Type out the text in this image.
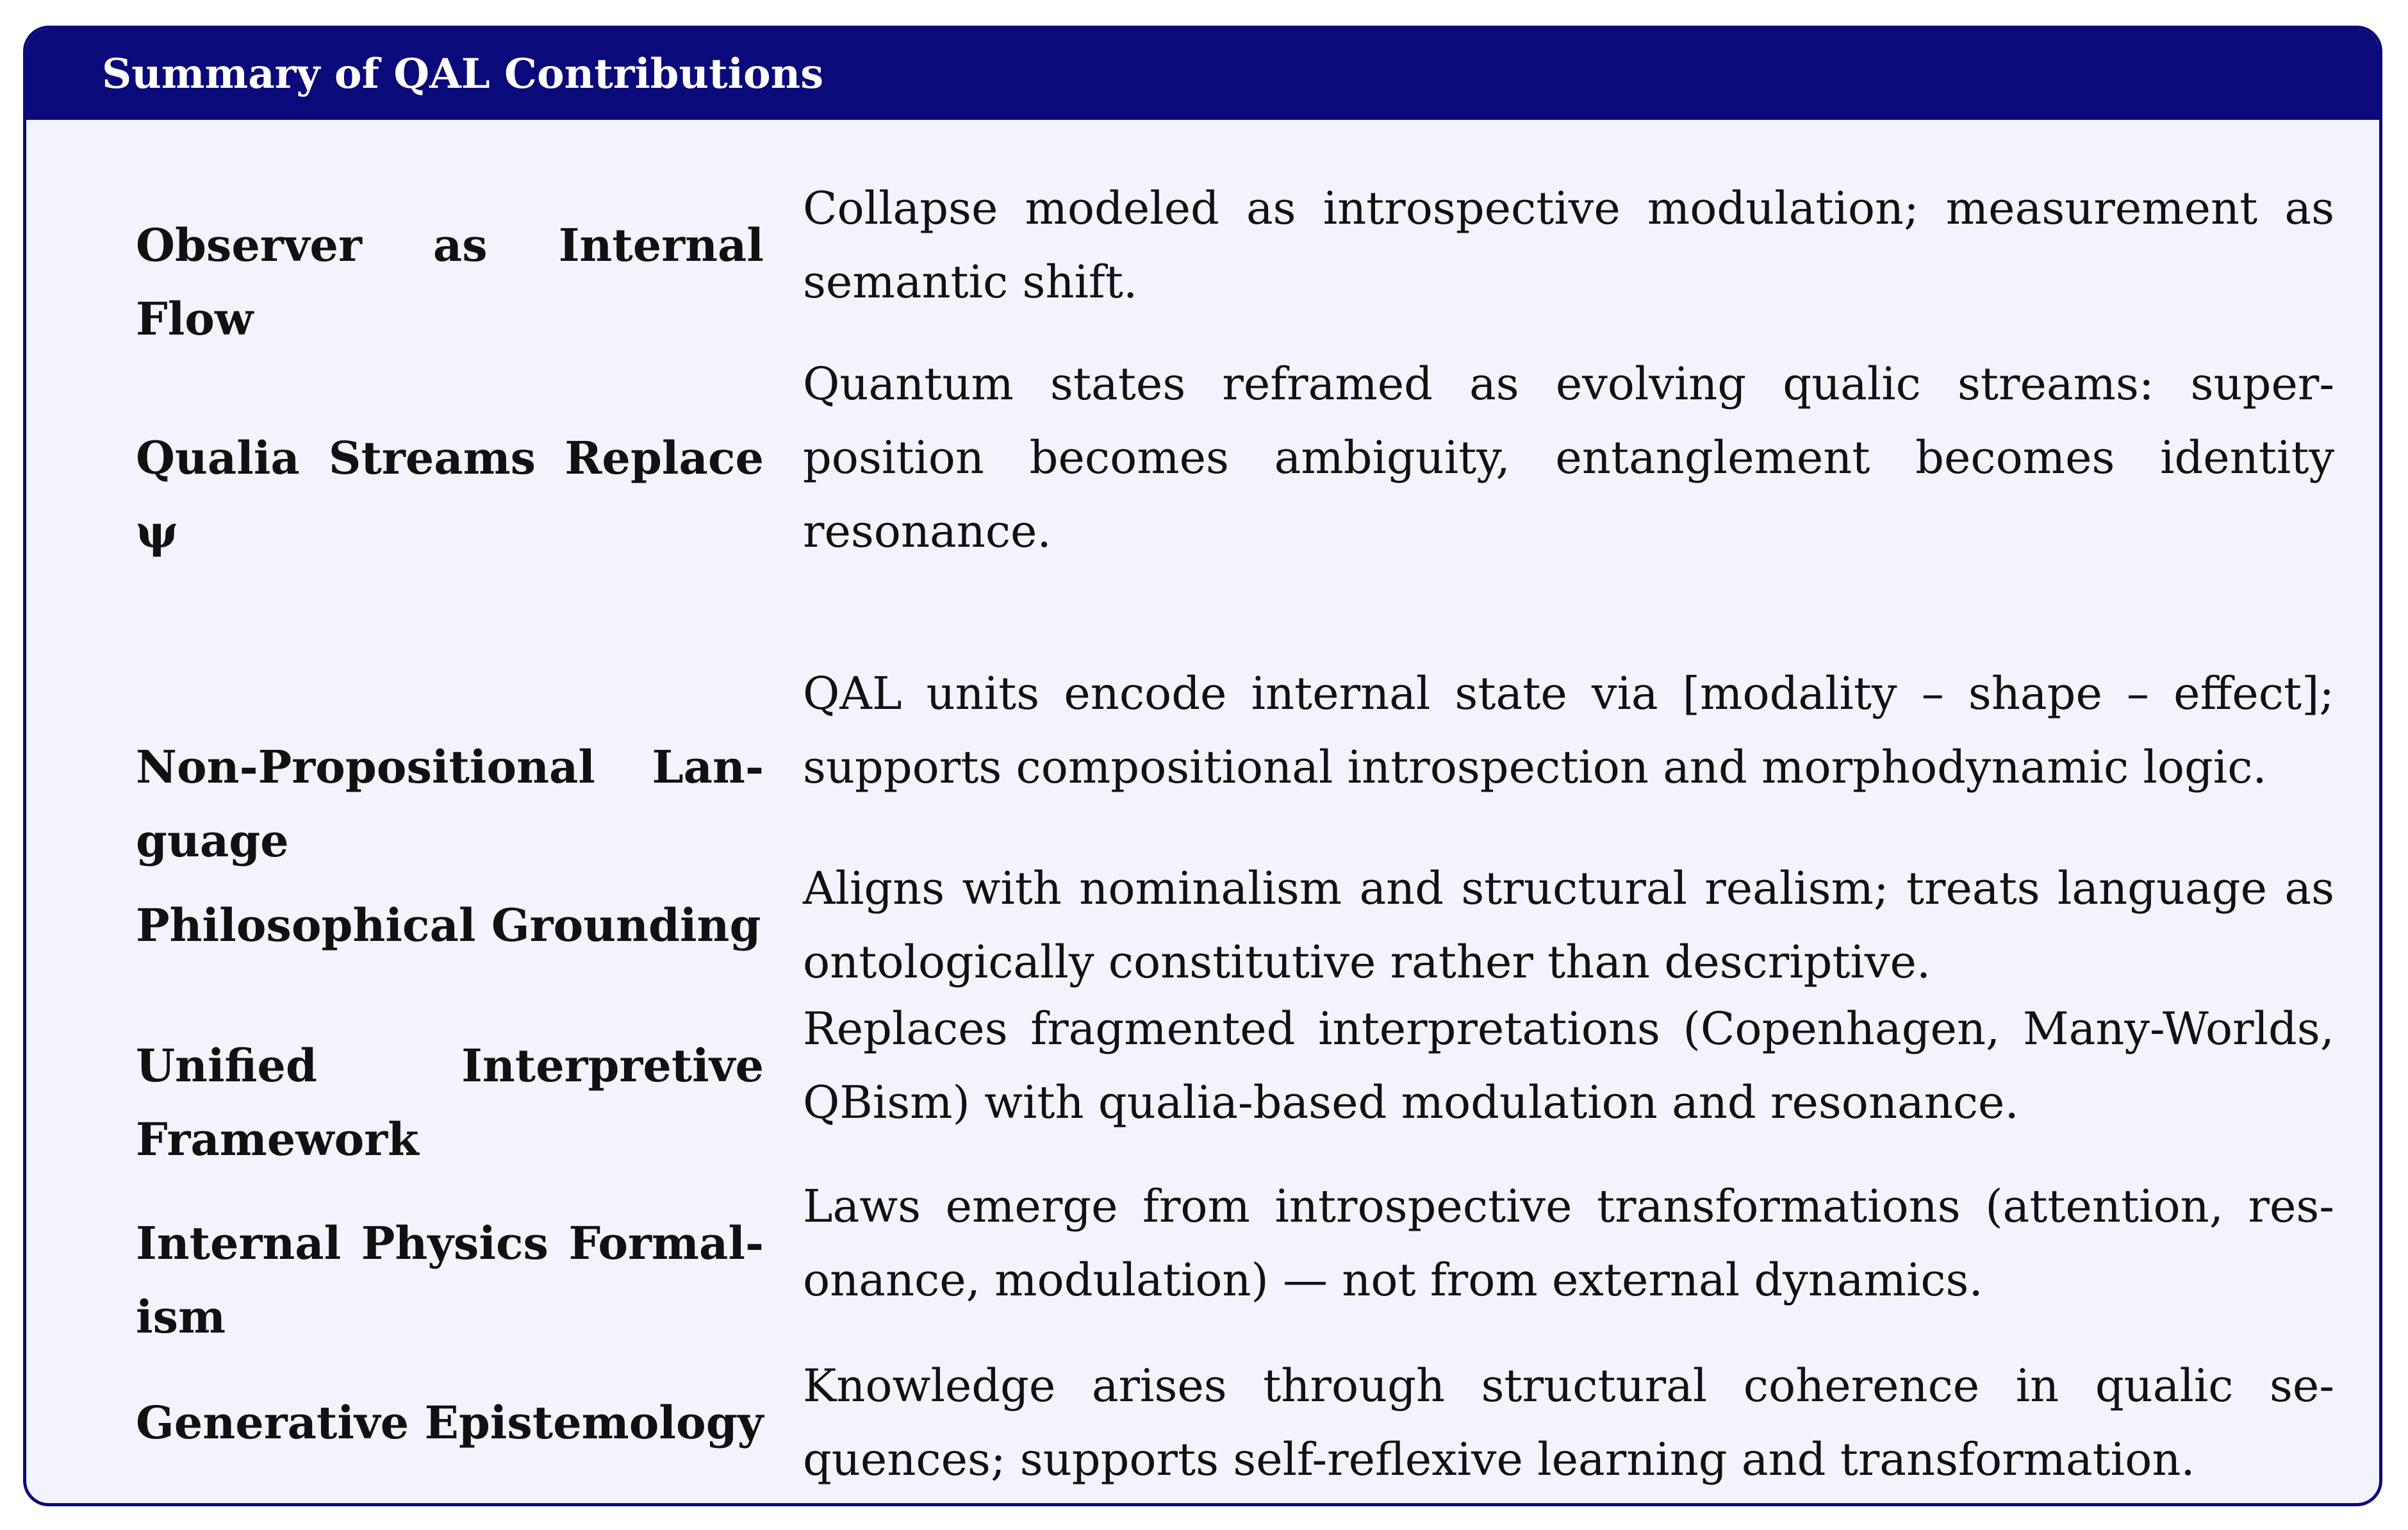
Summary of QAL Contributions
Observer as Internal Flow
Collapse modeled as introspective modulation; measurement as semantic shift.
Qualia Streams Replace ψ
Quantum states reframed as evolving qualic streams: superposition becomes ambiguity, entanglement becomes identity resonance.
Non-Propositional Language
QAL units encode internal state via [modality – shape – effect]; supports compositional introspection and morphodynamic logic.
Philosophical Grounding
Aligns with nominalism and structural realism; treats language as ontologically constitutive rather than descriptive.
Unified Interpretive Framework
Replaces fragmented interpretations (Copenhagen, Many-Worlds, QBism) with qualia-based modulation and resonance.
Internal Physics Formalism
Laws emerge from introspective transformations (attention, resonance, modulation) — not from external dynamics.
Generative Epistemology
Knowledge arises through structural coherence in qualic sequences; supports self-reflexive learning and transformation.
